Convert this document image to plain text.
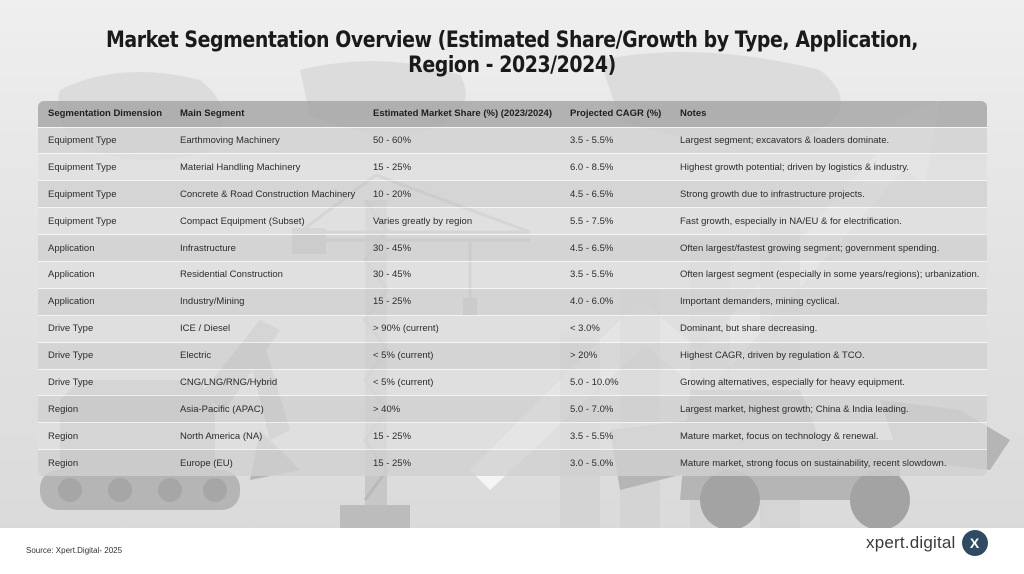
Market Segmentation Overview (Estimated Share/Growth by Type, Application, Region - 2023/2024)
Segmentation Dimension	Main Segment	Estimated Market Share (%) (2023/2024)	Projected CAGR (%)	Notes
Equipment Type	Earthmoving Machinery	50 - 60%	3.5 - 5.5%	Largest segment; excavators & loaders dominate.
Equipment Type	Material Handling Machinery	15 - 25%	6.0 - 8.5%	Highest growth potential; driven by logistics & industry.
Equipment Type	Concrete & Road Construction Machinery	10 - 20%	4.5 - 6.5%	Strong growth due to infrastructure projects.
Equipment Type	Compact Equipment (Subset)	Varies greatly by region	5.5 - 7.5%	Fast growth, especially in NA/EU & for electrification.
Application	Infrastructure	30 - 45%	4.5 - 6.5%	Often largest/fastest growing segment; government spending.
Application	Residential Construction	30 - 45%	3.5 - 5.5%	Often largest segment (especially in some years/regions); urbanization.
Application	Industry/Mining	15 - 25%	4.0 - 6.0%	Important demanders, mining cyclical.
Drive Type	ICE / Diesel	> 90% (current)	< 3.0%	Dominant, but share decreasing.
Drive Type	Electric	< 5% (current)	> 20%	Highest CAGR, driven by regulation & TCO.
Drive Type	CNG/LNG/RNG/Hybrid	< 5% (current)	5.0 - 10.0%	Growing alternatives, especially for heavy equipment.
Region	Asia-Pacific (APAC)	> 40%	5.0 - 7.0%	Largest market, highest growth; China & India leading.
Region	North America (NA)	15 - 25%	3.5 - 5.5%	Mature market, focus on technology & renewal.
Region	Europe (EU)	15 - 25%	3.0 - 5.0%	Mature market, strong focus on sustainability, recent slowdown.
Source: Xpert.Digital- 2025	xpert.digital	X
